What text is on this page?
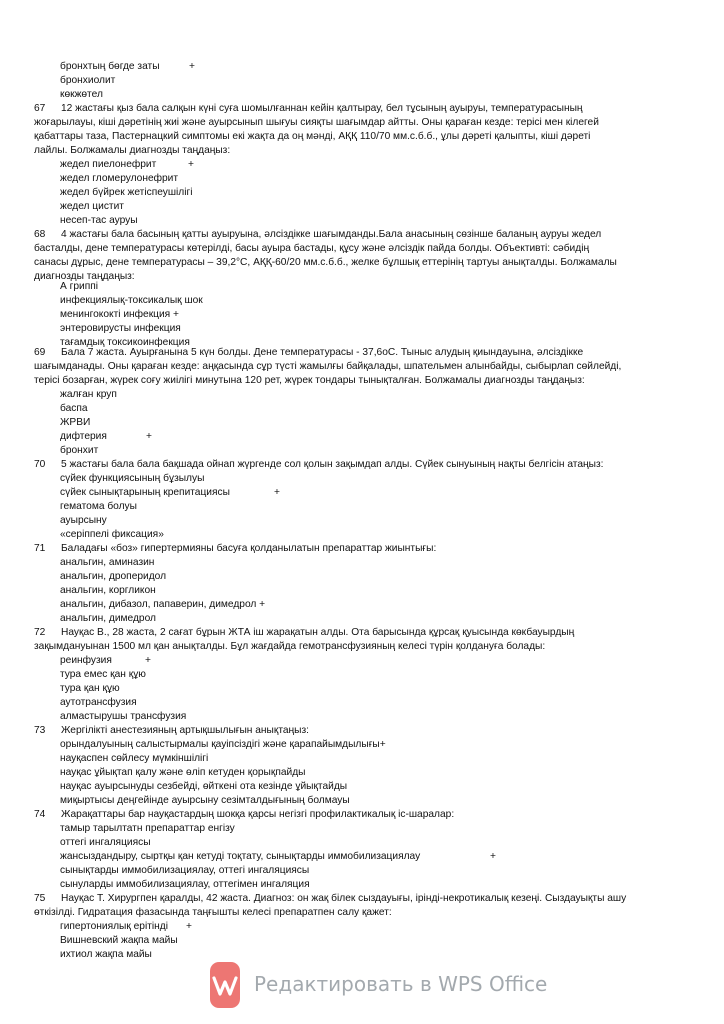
бронхтың бөгде заты	+
бронхиолит
көкжөтел
67 12 жастағы қыз бала салқын күні суға шомылғаннан кейін қалтырау, бел тұсының ауыруы, температурасының
жоғарылауы, кіші дәретінің жиі және ауырсынып шығуы сияқты шағымдар айтты. Оны қараған кезде: терісі мен кілегей
қабаттары таза, Пастернацкий симптомы екі жақта да оң мәнді, АҚҚ 110/70 мм.с.б.б., ұлы дәреті қалыпты, кіші дәреті
лайлы. Болжамалы диагнозды таңдаңыз:
жедел пиелонефрит	+
жедел гломерулонефрит
жедел бүйрек жетіспеушілігі
жедел цистит
несеп-тас ауруы
68 4 жастағы бала басының қатты ауыруына, әлсіздікке шағымданды.Бала анасының сөзінше баланың ауруы жедел
басталды, дене температурасы көтерілді, басы ауыра бастады, құсу және әлсіздік пайда болды. Объективті: сәбидің
санасы дұрыс, дене температурасы – 39,2°С, АҚҚ-60/20 мм.с.б.б., желке бұлшық еттерінің тартуы анықталды. Болжамалы
диагнозды таңдаңыз:
А гриппі
инфекциялық-токсикалық шок
менингококті инфекция +
энтеровирусты инфекция
тағамдық токсикоинфекция
69 Бала 7 жаста. Ауырғанына 5 күн болды. Дене температурасы - 37,6оС. Тыныс алудың қиындауына, әлсіздікке
шағымданады. Оны қараған кезде: аңқасында сұр түсті жамылғы байқалады, шпательмен алынбайды, сыбырлап сөйлейді,
терісі бозарған, жүрек соғу жиілігі минутына 120 рет, жүрек тондары тынықталған. Болжамалы диагнозды таңдаңыз:
жалған круп
баспа
ЖРВИ
дифтерия	+
бронхит
70 5 жастағы бала бала бақшада ойнап жүргенде сол қолын зақымдап алды. Сүйек сынуының нақты белгісін атаңыз:
сүйек функциясының бұзылуы
сүйек сынықтарының крепитациясы	+
гематома болуы
ауырсыну
«серіппелі фиксация»
71 Баладағы «боз» гипертермияны басуға қолданылатын препараттар жиынтығы:
анальгин, аминазин
анальгин, дроперидол
анальгин, коргликон
анальгин, дибазол, папаверин, димедрол +
анальгин, димедрол
72 Науқас В., 28 жаста, 2 сағат бұрын ЖТА іш жарақатын алды. Ота барысында құрсақ қуысында көкбауырдың
зақымдануынан 1500 мл қан анықталды. Бұл жағдайда гемотрансфузияның келесі түрін қолдануға болады:
реинфузия	+
тура емес қан құю
тура қан құю
аутотрансфузия
алмастырушы трансфузия
73 Жергілікті анестезияның артықшылығын анықтаңыз:
орындалуының салыстырмалы қауіпсіздігі және қарапайымдылығы+
науқаспен сөйлесу мүмкіншілігі
науқас ұйықтап қалу және өліп кетуден қорықпайды
науқас ауырсынуды сезбейді, өйткені ота кезінде ұйықтайды
миқыртысы деңгейінде ауырсыну сезімталдығының болмауы
74 Жарақаттары бар науқастардың шокқа қарсы негізгі профилактикалық іс-шаралар:
тамыр тарылтатн препараттар енгізу
оттегі ингаляциясы
жансыздандыру, сыртқы қан кетуді тоқтату, сынықтарды иммобилизациялау	+
сынықтарды иммобилизациялау, оттегі ингаляциясы
сынуларды иммобилизациялау, оттегімен ингаляция
75 Науқас Т. Хирургпен қаралды, 42 жаста. Диагноз: он жақ білек сыздауығы, ірінді-некротикалық кезеңі. Сыздауықты ашу
өткізілді. Гидратация фазасында таңғышты келесі препаратпен салу қажет:
гипертониялық ерітінді +
Вишневский жақпа майы
ихтиол жақпа майы
Редактировать в WPS Office
